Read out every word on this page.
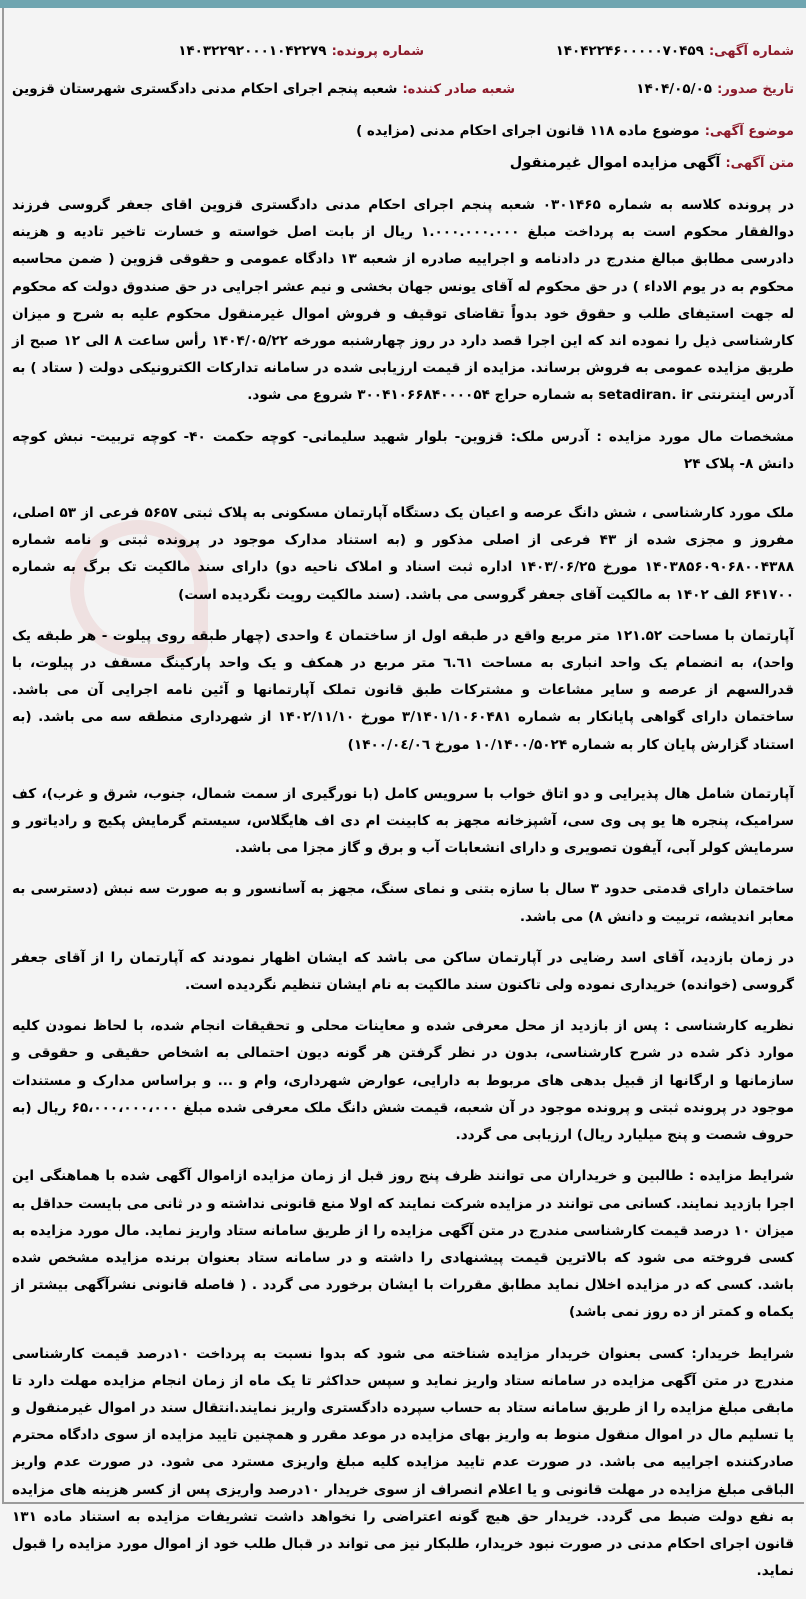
شماره آگهی: ۱۴۰۴۲۲۴۶۰۰۰۰۰۷۰۴۵۹
شماره پرونده: ۱۴۰۳۲۲۹۲۰۰۰۱۰۴۲۲۷۹
تاریخ صدور: ۱۴۰۴/۰۵/۰۵
شعبه صادر کننده: شعبه پنجم اجرای احکام مدنی دادگستری شهرستان قزوین
موضوع آگهی:

موضوع ماده ۱۱۸ قانون اجرای احکام مدنی (مزایده )
متن آگهی:

آگهی مزایده اموال غیرمنقول

در پرونده کلاسه به شماره ۰۳۰۱۴۶۵ شعبه پنجم اجرای احکام مدنی دادگستری قزوین اقای جعفر گروسی فرزند دوالفقار محکوم است به پرداخت مبلغ ۱.۰۰۰.۰۰۰.۰۰۰ ریال از بابت اصل خواسته و خسارت تاخیر تادیه و هزینه دادرسی مطابق مبالغ مندرج در دادنامه و اجراییه صادره از شعبه ۱۳ دادگاه عمومی و حقوقی قزوین ( ضمن محاسبه محکوم به در یوم الاداء ) در حق محکوم له آقای یونس جهان بخشی و نیم عشر اجرایی در حق صندوق دولت که محکوم له جهت استیفای طلب و حقوق خود بدواً تقاضای توقیف و فروش اموال غیرمنقول محکوم علیه به شرح و میزان کارشناسی ذیل را نموده اند که این اجرا قصد دارد در روز چهارشنبه مورخه ۱۴۰۴/۰۵/۲۲ رأس ساعت ۸ الی ۱۲ صبح از طریق مزایده عمومی به فروش برساند. مزایده از قیمت ارزیابی شده در سامانه تدارکات الکترونیکی دولت ( ستاد ) به آدرس اینترنتی setadiran. ir به شماره حراج ۳۰۰۴۱۰۶۶۸۴۰۰۰۰۵۴ شروع می شود.

مشخصات مال مورد مزایده : آدرس ملک: قزوین- بلوار شهید سلیمانی- کوچه حکمت ۴۰- کوچه تربیت- نبش کوچه دانش ۸- پلاک ۲۴

ملک مورد کارشناسی ، شش دانگ عرصه و اعیان یک دستگاه آپارتمان مسکونی به پلاک ثبتی ۵۶۵۷ فرعی از ۵۳ اصلی، مفروز و مجزی شده از ۴۳ فرعی از اصلی مذکور و (به استناد مدارک موجود در پرونده ثبتی و نامه شماره ۱۴۰۳۸۵۶۰۹۰۶۸۰۰۴۳۸۸ مورخ ۱۴۰۳/۰۶/۲۵ اداره ثبت اسناد و املاک ناحیه دو) دارای سند مالکیت تک برگ به شماره ۶۴۱۷۰۰ الف ۱۴۰۲ به مالکیت آقای جعفر گروسی می باشد. (سند مالکیت رویت نگردیده است)

آپارتمان با مساحت ۱۲۱.۵۲ متر مربع واقع در طبقه اول از ساختمان ٤ واحدی (چهار طبقه روی پیلوت - هر طبقه یک واحد)، به انضمام یک واحد انباری به مساحت ٦.٦١ متر مربع در همکف و یک واحد پارکینگ مسقف در پیلوت، با قدرالسهم از عرصه و سایر مشاعات و مشترکات طبق قانون تملک آپارتمانها و آئین نامه اجرایی آن می باشد. ساختمان دارای گواهی پایانکار به شماره ۳/۱۴۰۱/۱۰۶۰۴۸۱ مورخ ۱۴۰۲/۱۱/۱۰ از شهرداری منطقه سه می باشد. (به استناد گزارش پایان کار به شماره ۱۰/۱۴۰۰/۵۰۲۴ مورخ ۱۴۰۰/۰٤/۰٦)

آپارتمان شامل هال پذیرایی و دو اتاق خواب با سرویس کامل (با نورگیری از سمت شمال، جنوب، شرق و غرب)، کف سرامیک، پنجره ها یو پی وی سی، آشپزخانه مجهز به کابینت ام دی اف هایگلاس، سیستم گرمایش پکیج و رادیاتور و سرمایش کولر آبی، آیفون تصویری و دارای انشعابات آب و برق و گاز مجزا می باشد.

ساختمان دارای قدمتی حدود ۳ سال با سازه بتنی و نمای سنگ، مجهز به آسانسور و به صورت سه نبش (دسترسی به معابر اندیشه، تربیت و دانش ۸) می باشد.

در زمان بازدید، آقای اسد رضایی در آپارتمان ساکن می باشد که ایشان اظهار نمودند که آپارتمان را از آقای جعفر گروسی (خوانده) خریداری نموده ولی تاکنون سند مالکیت به نام ایشان تنظیم نگردیده است.

نظریه کارشناسی : پس از بازدید از محل معرفی شده و معاینات محلی و تحقیقات انجام شده، با لحاظ نمودن کلیه موارد ذکر شده در شرح کارشناسی، بدون در نظر گرفتن هر گونه دیون احتمالی به اشخاص حقیقی و حقوقی و سازمانها و ارگانها از قبیل بدهی های مربوط به دارایی، عوارض شهرداری، وام و ... و براساس مدارک و مستندات موجود در پرونده ثبتی و پرونده موجود در آن شعبه، قیمت شش دانگ ملک معرفی شده مبلغ ۶۵،۰۰۰،۰۰۰،۰۰۰ ریال (به حروف شصت و پنج میلیارد ریال) ارزیابی می گردد.

شرایط مزایده : طالبین و خریداران می توانند ظرف پنج روز قبل از زمان مزایده ازاموال آگهی شده با هماهنگی این اجرا بازدید نمایند. کسانی می توانند در مزایده شرکت نمایند که اولا منع قانونی نداشته و در ثانی می بایست حداقل به میزان ۱۰ درصد قیمت کارشناسی مندرج در متن آگهی مزایده را از طریق سامانه ستاد واریز نماید. مال مورد مزایده به کسی فروخته می شود که بالاترین قیمت پیشنهادی را داشته و در سامانه ستاد بعنوان برنده مزایده مشخص شده باشد. کسی که در مزایده اخلال نماید مطابق مقررات با ایشان برخورد می گردد . ( فاصله قانونی نشرآگهی بیشتر از یکماه و کمتر از ده روز نمی باشد)

شرایط خریدار: کسی بعنوان خریدار مزایده شناخته می شود که بدوا نسبت به پرداخت ۱۰درصد قیمت کارشناسی مندرج در متن آگهی مزایده در سامانه ستاد واریز نماید و سپس حداکثر تا یک ماه از زمان انجام مزایده مهلت دارد تا مابقی مبلغ مزایده را از طریق سامانه ستاد به حساب سپرده دادگستری واریز نمایند.انتقال سند در اموال غیرمنقول و یا تسلیم مال در اموال منقول منوط به واریز بهای مزایده در موعد مقرر و همچنین تایید مزایده از سوی دادگاه محترم صادرکننده اجراییه می باشد. در صورت عدم تایید مزایده کلیه مبلغ واریزی مسترد می شود. در صورت عدم واریز الباقی مبلغ مزایده در مهلت قانونی و یا اعلام انصراف از سوی خریدار ۱۰درصد واریزی پس از کسر هزینه های مزایده به نفع دولت ضبط می گردد. خریدار حق هیچ گونه اعتراضی را نخواهد داشت تشریفات مزایده به استناد ماده ۱۳۱ قانون اجرای احکام مدنی در صورت نبود خریدار، طلبکار نیز می تواند در قبال طلب خود از اموال مورد مزایده را قبول نماید.
